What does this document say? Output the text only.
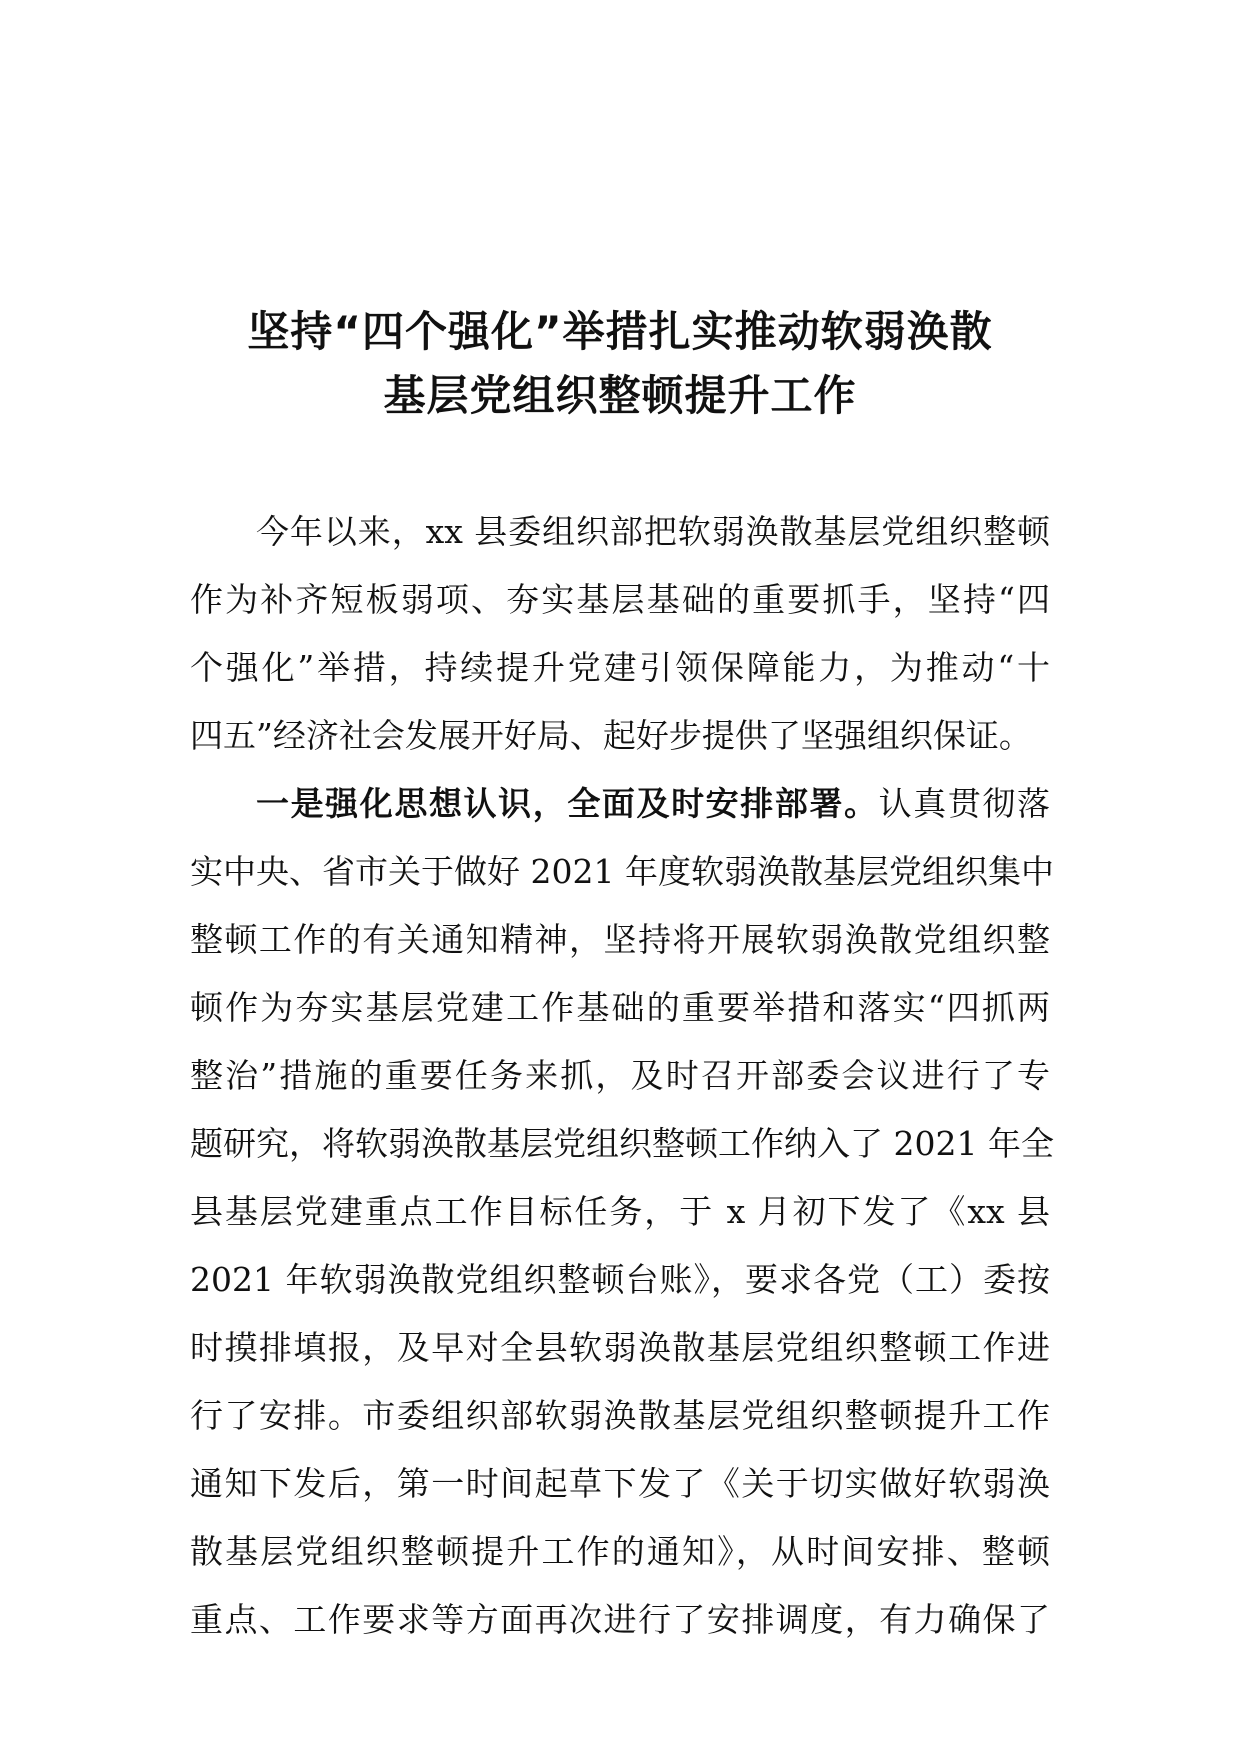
坚持“四个强化”举措扎实推动软弱涣散
基层党组织整顿提升工作
今年以来，xx 县委组织部把软弱涣散基层党组织整顿
作为补齐短板弱项、夯实基层基础的重要抓手，坚持“四
个强化”举措，持续提升党建引领保障能力，为推动“十
四五”经济社会发展开好局、起好步提供了坚强组织保证。
一是强化思想认识，全面及时安排部署。认真贯彻落
实中央、省市关于做好 2021 年度软弱涣散基层党组织集中
整顿工作的有关通知精神，坚持将开展软弱涣散党组织整
顿作为夯实基层党建工作基础的重要举措和落实“四抓两
整治”措施的重要任务来抓，及时召开部委会议进行了专
题研究，将软弱涣散基层党组织整顿工作纳入了 2021 年全
县基层党建重点工作目标任务，于 x 月初下发了《xx 县
2021 年软弱涣散党组织整顿台账》，要求各党（工）委按
时摸排填报，及早对全县软弱涣散基层党组织整顿工作进
行了安排。市委组织部软弱涣散基层党组织整顿提升工作
通知下发后，第一时间起草下发了《关于切实做好软弱涣
散基层党组织整顿提升工作的通知》，从时间安排、整顿
重点、工作要求等方面再次进行了安排调度，有力确保了
